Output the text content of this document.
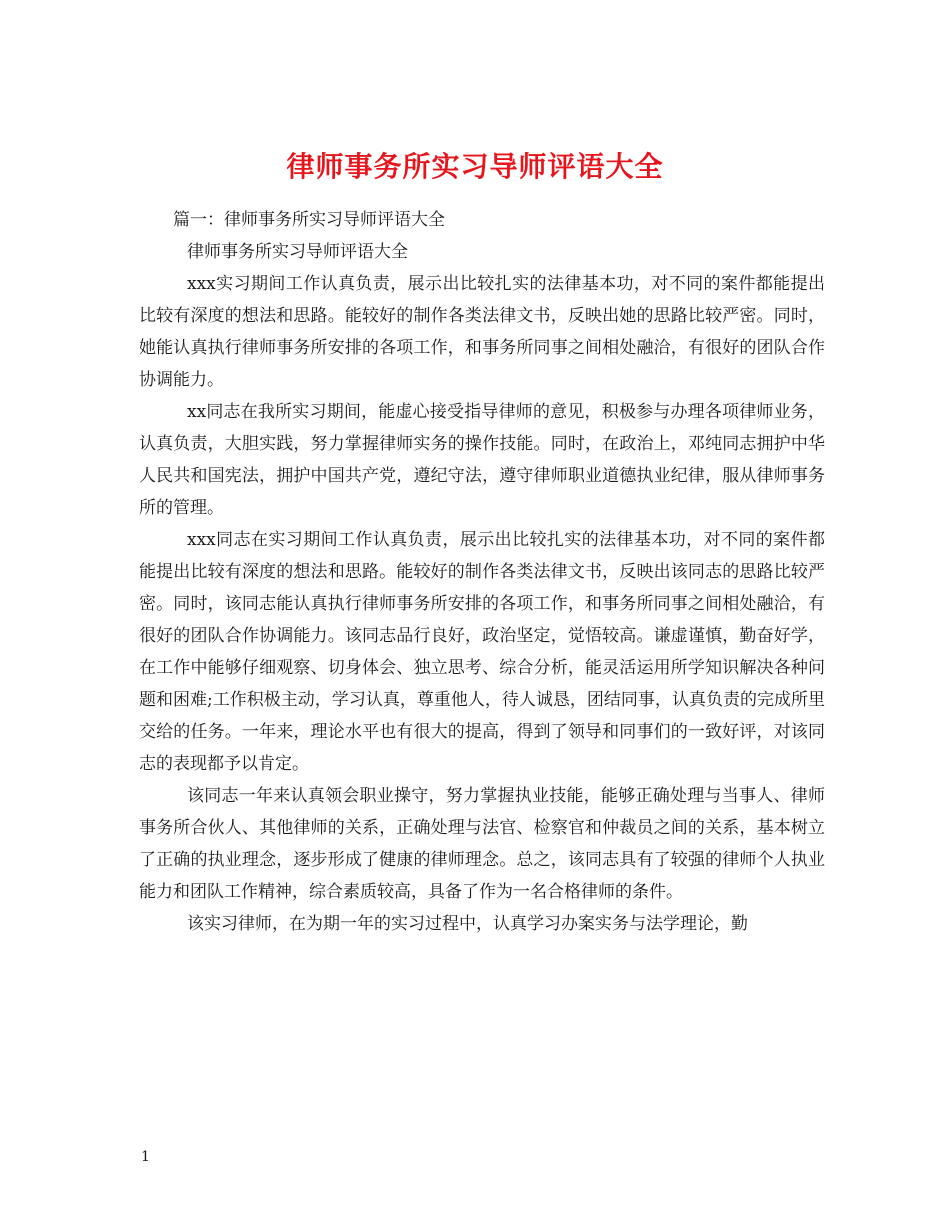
律师事务所实习导师评语大全

篇一：律师事务所实习导师评语大全

律师事务所实习导师评语大全

xxx实习期间工作认真负责，展示出比较扎实的法律基本功，对不同的案件都能提出比较有深度的想法和思路。能较好的制作各类法律文书，反映出她的思路比较严密。同时，她能认真执行律师事务所安排的各项工作，和事务所同事之间相处融洽，有很好的团队合作协调能力。

xx同志在我所实习期间，能虚心接受指导律师的意见，积极参与办理各项律师业务，认真负责，大胆实践，努力掌握律师实务的操作技能。同时，在政治上，邓纯同志拥护中华人民共和国宪法，拥护中国共产党，遵纪守法，遵守律师职业道德执业纪律，服从律师事务所的管理。

xxx同志在实习期间工作认真负责，展示出比较扎实的法律基本功，对不同的案件都能提出比较有深度的想法和思路。能较好的制作各类法律文书，反映出该同志的思路比较严密。同时，该同志能认真执行律师事务所安排的各项工作，和事务所同事之间相处融洽，有很好的团队合作协调能力。该同志品行良好，政治坚定，觉悟较高。谦虚谨慎，勤奋好学，在工作中能够仔细观察、切身体会、独立思考、综合分析，能灵活运用所学知识解决各种问题和困难;工作积极主动，学习认真，尊重他人，待人诚恳，团结同事，认真负责的完成所里交给的任务。一年来，理论水平也有很大的提高，得到了领导和同事们的一致好评，对该同志的表现都予以肯定。

该同志一年来认真领会职业操守，努力掌握执业技能，能够正确处理与当事人、律师事务所合伙人、其他律师的关系，正确处理与法官、检察官和仲裁员之间的关系，基本树立了正确的执业理念，逐步形成了健康的律师理念。总之，该同志具有了较强的律师个人执业能力和团队工作精神，综合素质较高，具备了作为一名合格律师的条件。

该实习律师，在为期一年的实习过程中，认真学习办案实务与法学理论，勤

1
